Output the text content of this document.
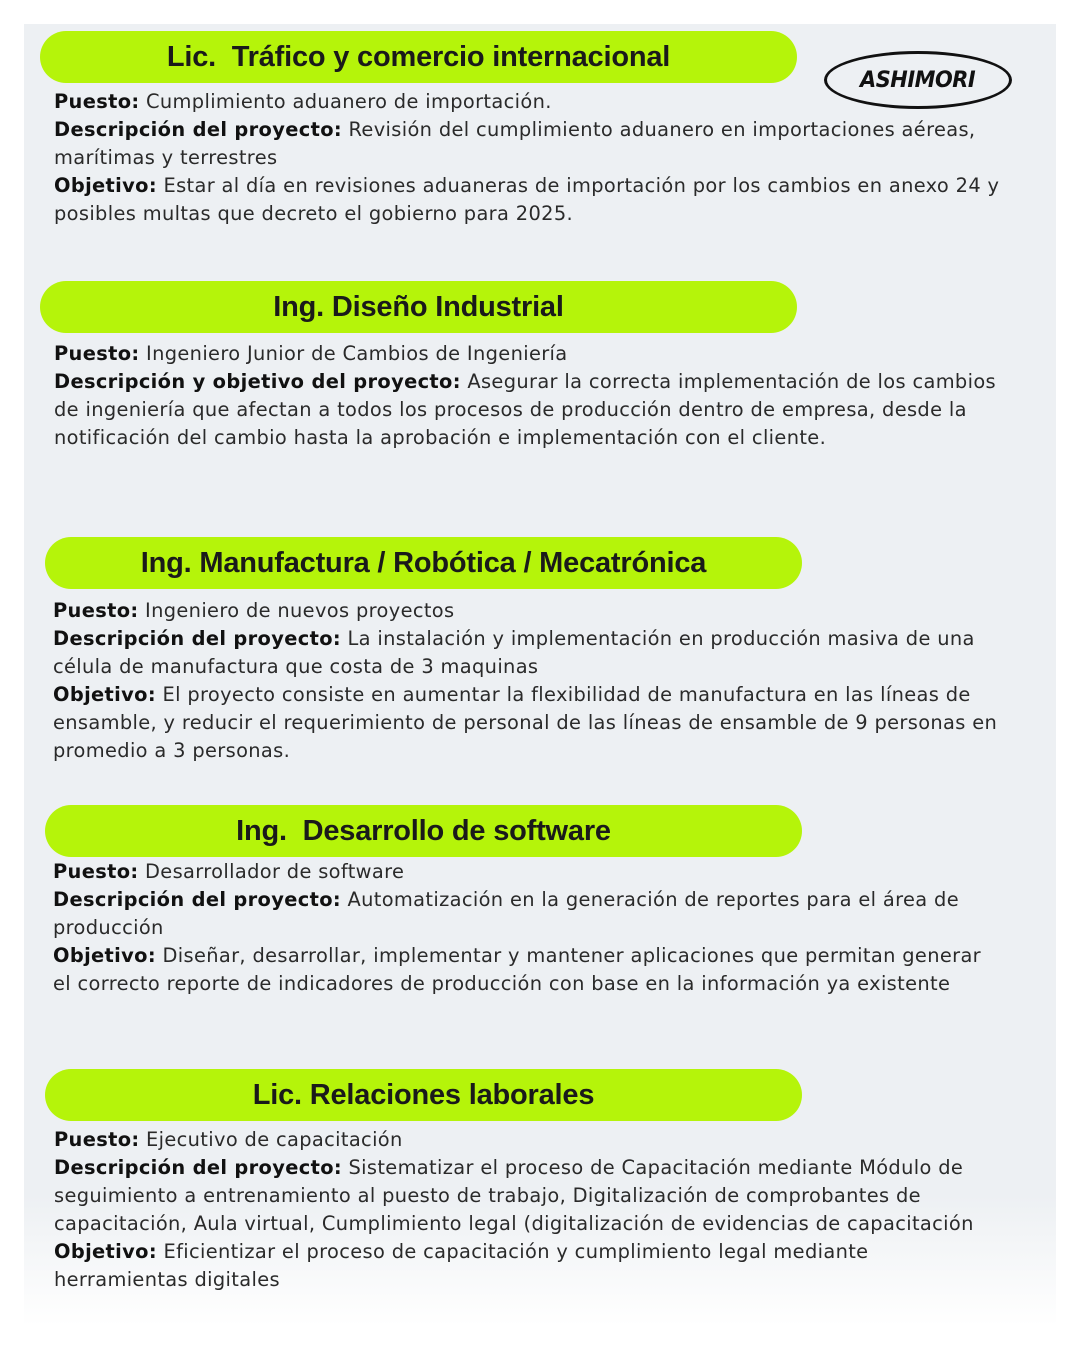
ASHIMORI
Lic.  Tráfico y comercio internacional

Puesto: Cumplimiento aduanero de importación.

Descripción del proyecto: Revisión del cumplimiento aduanero en importaciones aéreas, marítimas y terrestres

Objetivo: Estar al día en revisiones aduaneras de importación por los cambios en anexo 24 y posibles multas que decreto el gobierno para 2025.

Ing. Diseño Industrial

Puesto: Ingeniero Junior de Cambios de Ingeniería

Descripción y objetivo del proyecto: Asegurar la correcta implementación de los cambios de ingeniería que afectan a todos los procesos de producción dentro de empresa, desde la notificación del cambio hasta la aprobación e implementación con el cliente.

Ing. Manufactura / Robótica / Mecatrónica

Puesto: Ingeniero de nuevos proyectos

Descripción del proyecto: La instalación y implementación en producción masiva de una célula de manufactura que costa de 3 maquinas

Objetivo: El proyecto consiste en aumentar la flexibilidad de manufactura en las líneas de ensamble, y reducir el requerimiento de personal de las líneas de ensamble de 9 personas en promedio a 3 personas.

Ing.  Desarrollo de software

Puesto: Desarrollador de software

Descripción del proyecto: Automatización en la generación de reportes para el área de producción

Objetivo: Diseñar, desarrollar, implementar y mantener aplicaciones que permitan generar el correcto reporte de indicadores de producción con base en la información ya existente

Lic. Relaciones laborales

Puesto: Ejecutivo de capacitación

Descripción del proyecto: Sistematizar el proceso de Capacitación mediante Módulo de seguimiento a entrenamiento al puesto de trabajo, Digitalización de comprobantes de capacitación, Aula virtual, Cumplimiento legal (digitalización de evidencias de capacitación

Objetivo: Eficientizar el proceso de capacitación y cumplimiento legal mediante herramientas digitales
